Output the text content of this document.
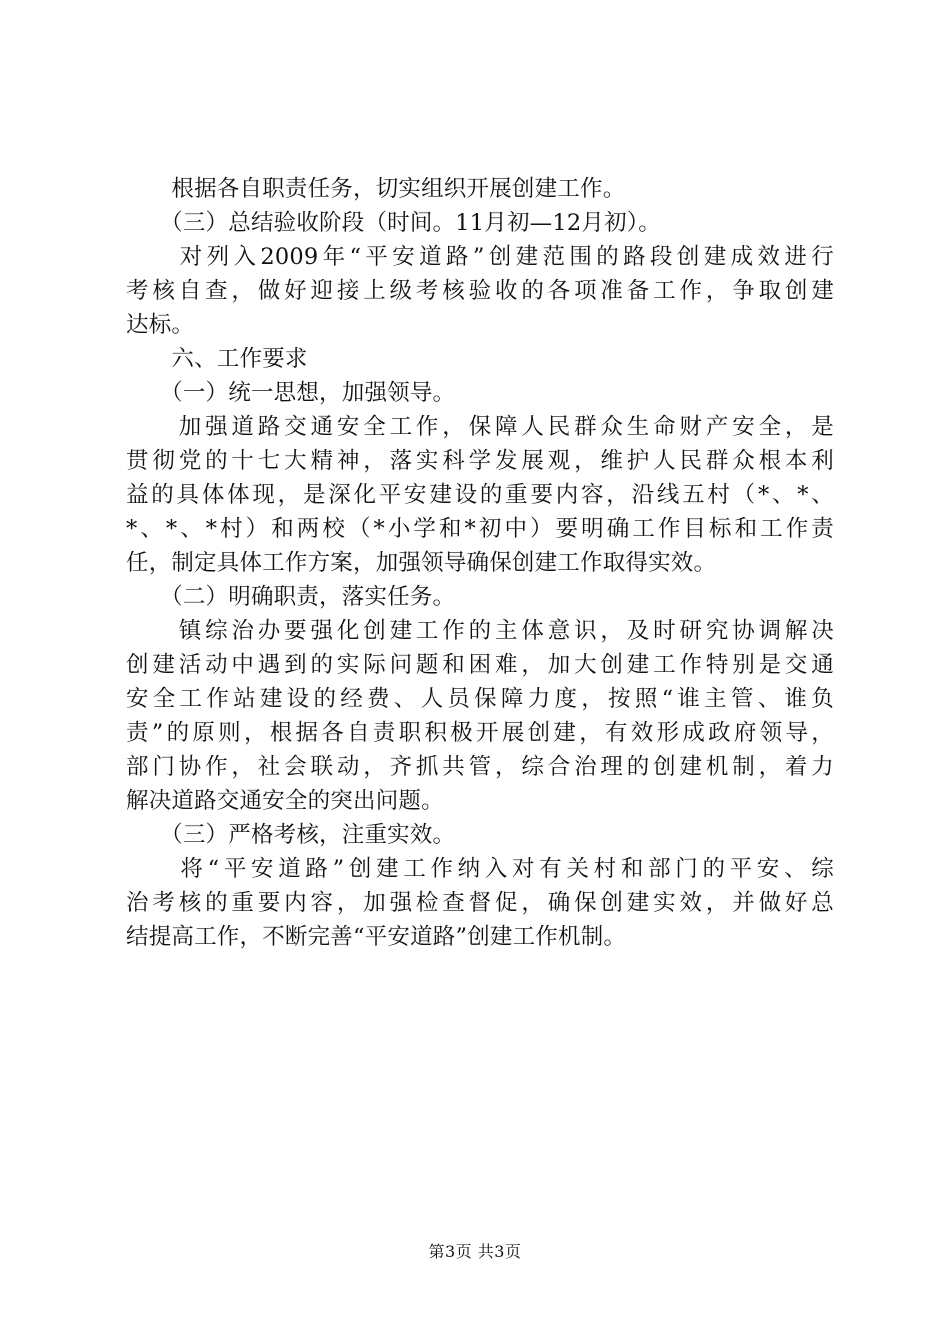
　　根据各自职责任务，切实组织开展创建工作。
　　（三）总结验收阶段（时间。11月初—12月初）。
　　对列入2009年“平安道路”创建范围的路段创建成效进行
考核自查，做好迎接上级考核验收的各项准备工作，争取创建
达标。
　　六、工作要求
　　（一）统一思想，加强领导。
　　加强道路交通安全工作，保障人民群众生命财产安全，是
贯彻党的十七大精神，落实科学发展观，维护人民群众根本利
益的具体体现，是深化平安建设的重要内容，沿线五村（*、*、
*、*、*村）和两校（*小学和*初中）要明确工作目标和工作责
任，制定具体工作方案，加强领导确保创建工作取得实效。
　　（二）明确职责，落实任务。
　　镇综治办要强化创建工作的主体意识，及时研究协调解决
创建活动中遇到的实际问题和困难，加大创建工作特别是交通
安全工作站建设的经费、人员保障力度，按照“谁主管、谁负
责”的原则，根据各自责职积极开展创建，有效形成政府领导，
部门协作，社会联动，齐抓共管，综合治理的创建机制，着力
解决道路交通安全的突出问题。
　　（三）严格考核，注重实效。
　　将“平安道路”创建工作纳入对有关村和部门的平安、综
治考核的重要内容，加强检查督促，确保创建实效，并做好总
结提高工作，不断完善“平安道路”创建工作机制。
第3页 共3页
